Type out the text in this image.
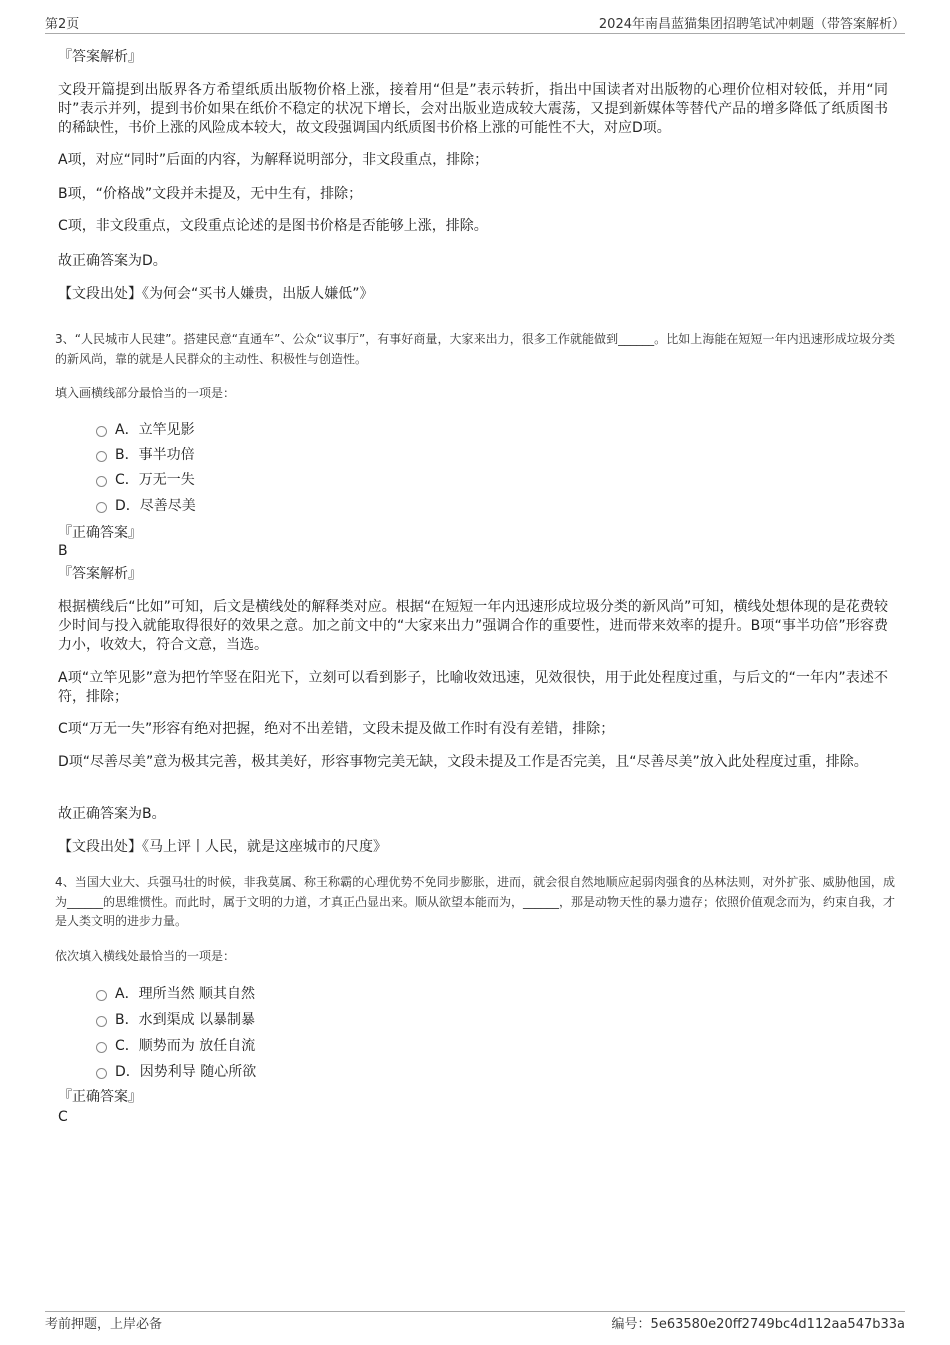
第2页	2024年南昌蓝猫集团招聘笔试冲刺题（带答案解析）
『答案解析』
文段开篇提到出版界各方希望纸质出版物价格上涨，接着用“但是”表示转折，指出中国读者对出版物的心理价位相对较低，并用“同时”表示并列，提到书价如果在纸价不稳定的状况下增长，会对出版业造成较大震荡，又提到新媒体等替代产品的增多降低了纸质图书的稀缺性，书价上涨的风险成本较大，故文段强调国内纸质图书价格上涨的可能性不大，对应D项。
A项，对应“同时”后面的内容，为解释说明部分，非文段重点，排除；
B项，“价格战”文段并未提及，无中生有，排除；
C项，非文段重点，文段重点论述的是图书价格是否能够上涨，排除。
故正确答案为D。
【文段出处】《为何会“买书人嫌贵，出版人嫌低”》
3、“人民城市人民建”。搭建民意“直通车”、公众“议事厅”，有事好商量，大家来出力，很多工作就能做到______。比如上海能在短短一年内迅速形成垃圾分类的新风尚，靠的就是人民群众的主动性、积极性与创造性。
填入画横线部分最恰当的一项是：
A．立竿见影
B．事半功倍
C．万无一失
D．尽善尽美
『正确答案』
B
『答案解析』
根据横线后“比如”可知，后文是横线处的解释类对应。根据“在短短一年内迅速形成垃圾分类的新风尚”可知，横线处想体现的是花费较少时间与投入就能取得很好的效果之意。加之前文中的“大家来出力”强调合作的重要性，进而带来效率的提升。B项“事半功倍”形容费力小，收效大，符合文意，当选。
A项“立竿见影”意为把竹竿竖在阳光下，立刻可以看到影子，比喻收效迅速，见效很快，用于此处程度过重，与后文的“一年内”表述不符，排除；
C项“万无一失”形容有绝对把握，绝对不出差错，文段未提及做工作时有没有差错，排除；
D项“尽善尽美”意为极其完善，极其美好，形容事物完美无缺，文段未提及工作是否完美，且“尽善尽美”放入此处程度过重，排除。
故正确答案为B。
【文段出处】《马上评丨人民，就是这座城市的尺度》
4、当国大业大、兵强马壮的时候，非我莫属、称王称霸的心理优势不免同步膨胀，进而，就会很自然地顺应起弱肉强食的丛林法则，对外扩张、威胁他国，成为______的思维惯性。而此时，属于文明的力道，才真正凸显出来。顺从欲望本能而为，______，那是动物天性的暴力遗存；依照价值观念而为，约束自我，才是人类文明的进步力量。
依次填入横线处最恰当的一项是：
A．理所当然 顺其自然
B．水到渠成 以暴制暴
C．顺势而为 放任自流
D．因势利导 随心所欲
『正确答案』
C
考前押题，上岸必备	编号：5e63580e20ff2749bc4d112aa547b33a
